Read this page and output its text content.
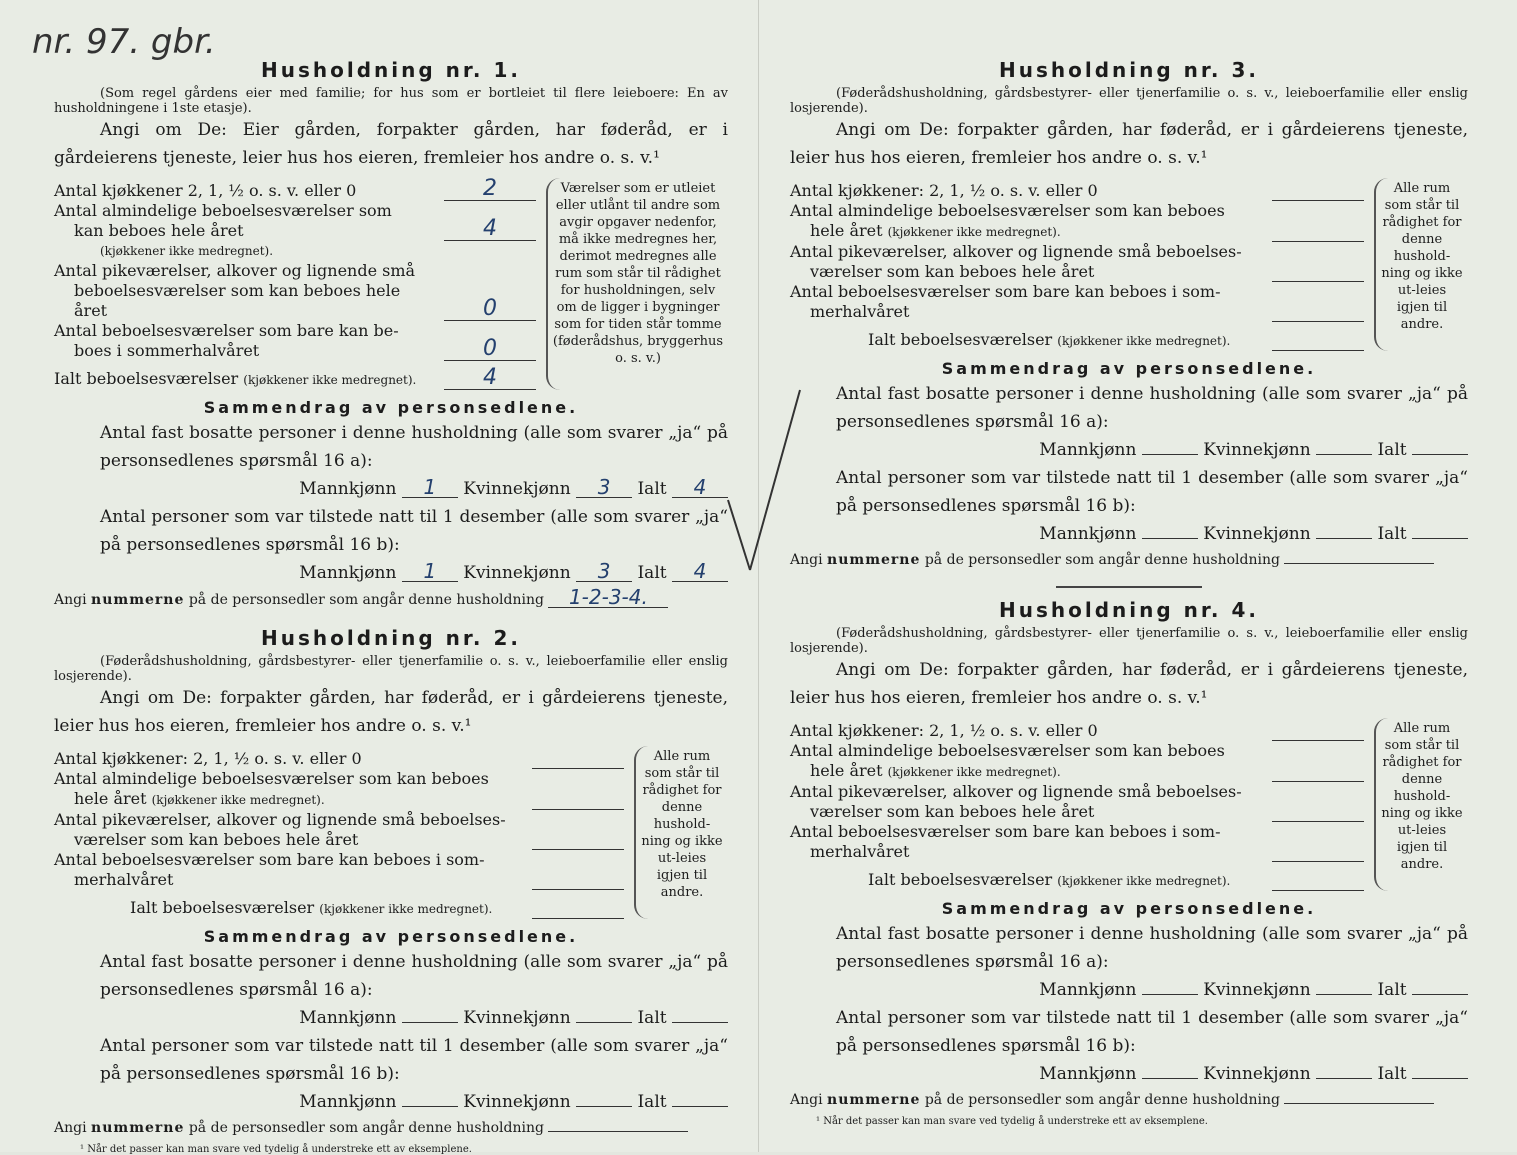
nr. 97. gbr.
Husholdning nr. 1.

(Som regel gårdens eier med familie; for hus som er bortleiet til flere leieboere: En av husholdningene i 1ste etasje).

Angi om De: Eier gården, forpakter gården, har føderåd, er i gårdeierens tjeneste, leier hus hos eieren, fremleier hos andre o. s. v.¹

Antal kjøkkener 2, 1, ½ o. s. v. eller 0	2
Antal almindelige beboelsesværelser som
kan beboes hele året	4
(kjøkkener ikke medregnet).
Antal pikeværelser, alkover og lignende små
beboelsesværelser som kan beboes hele året	0
Antal beboelsesværelser som bare kan be-
boes i sommerhalvåret	0
Ialt beboelsesværelser (kjøkkener ikke medregnet).	4
Værelser som er utleiet eller utlånt til andre som avgir opgaver nedenfor, må ikke medregnes her, derimot medregnes alle rum som står til rådighet for husholdningen, selv om de ligger i bygninger som for tiden står tomme (føderådshus, bryggerhus o. s. v.)
Sammendrag av personsedlene.
Antal fast bosatte personer i denne husholdning (alle som svarer „ja“ på personsedlenes spørsmål 16 a):
Mannkjønn 1 Kvinnekjønn 3 Ialt 4
Antal personer som var tilstede natt til 1 desember (alle som svarer „ja“ på personsedlenes spørsmål 16 b):
Mannkjønn 1 Kvinnekjønn 3 Ialt 4
Angi nummerne på de personsedler som angår denne husholdning 1-2-3-4.
Husholdning nr. 2.

(Føderådshusholdning, gårdsbestyrer- eller tjenerfamilie o. s. v., leieboerfamilie eller enslig losjerende).

Angi om De: forpakter gården, har føderåd, er i gårdeierens tjeneste, leier hus hos eieren, fremleier hos andre o. s. v.¹

Antal kjøkkener: 2, 1, ½ o. s. v. eller 0
Antal almindelige beboelsesværelser som kan beboes
hele året (kjøkkener ikke medregnet).
Antal pikeværelser, alkover og lignende små beboelses-
værelser som kan beboes hele året
Antal beboelsesværelser som bare kan beboes i som-
merhalvåret
Ialt beboelsesværelser (kjøkkener ikke medregnet).
Alle rum som står til rådighet for denne hushold-ning og ikke ut-leies igjen til andre.
Sammendrag av personsedlene.
Antal fast bosatte personer i denne husholdning (alle som svarer „ja“ på personsedlenes spørsmål 16 a):
Mannkjønn	Kvinnekjønn	Ialt
Antal personer som var tilstede natt til 1 desember (alle som svarer „ja“ på personsedlenes spørsmål 16 b):
Mannkjønn	Kvinnekjønn	Ialt
Angi nummerne på de personsedler som angår denne husholdning
¹ Når det passer kan man svare ved tydelig å understreke ett av eksemplene.
Husholdning nr. 3.

(Føderådshusholdning, gårdsbestyrer- eller tjenerfamilie o. s. v., leieboerfamilie eller enslig losjerende).

Angi om De: forpakter gården, har føderåd, er i gårdeierens tjeneste, leier hus hos eieren, fremleier hos andre o. s. v.¹

Antal kjøkkener: 2, 1, ½ o. s. v. eller 0
Antal almindelige beboelsesværelser som kan beboes
hele året (kjøkkener ikke medregnet).
Antal pikeværelser, alkover og lignende små beboelses-
værelser som kan beboes hele året
Antal beboelsesværelser som bare kan beboes i som-
merhalvåret
Ialt beboelsesværelser (kjøkkener ikke medregnet).
Alle rum som står til rådighet for denne hushold-ning og ikke ut-leies igjen til andre.
Sammendrag av personsedlene.
Antal fast bosatte personer i denne husholdning (alle som svarer „ja“ på personsedlenes spørsmål 16 a):
Mannkjønn	Kvinnekjønn	Ialt
Antal personer som var tilstede natt til 1 desember (alle som svarer „ja“ på personsedlenes spørsmål 16 b):
Mannkjønn	Kvinnekjønn	Ialt
Angi nummerne på de personsedler som angår denne husholdning
Husholdning nr. 4.

(Føderådshusholdning, gårdsbestyrer- eller tjenerfamilie o. s. v., leieboerfamilie eller enslig losjerende).

Angi om De: forpakter gården, har føderåd, er i gårdeierens tjeneste, leier hus hos eieren, fremleier hos andre o. s. v.¹

Antal kjøkkener: 2, 1, ½ o. s. v. eller 0
Antal almindelige beboelsesværelser som kan beboes
hele året (kjøkkener ikke medregnet).
Antal pikeværelser, alkover og lignende små beboelses-
værelser som kan beboes hele året
Antal beboelsesværelser som bare kan beboes i som-
merhalvåret
Ialt beboelsesværelser (kjøkkener ikke medregnet).
Alle rum som står til rådighet for denne hushold-ning og ikke ut-leies igjen til andre.
Sammendrag av personsedlene.
Antal fast bosatte personer i denne husholdning (alle som svarer „ja“ på personsedlenes spørsmål 16 a):
Mannkjønn	Kvinnekjønn	Ialt
Antal personer som var tilstede natt til 1 desember (alle som svarer „ja“ på personsedlenes spørsmål 16 b):
Mannkjønn	Kvinnekjønn	Ialt
Angi nummerne på de personsedler som angår denne husholdning
¹ Når det passer kan man svare ved tydelig å understreke ett av eksemplene.
